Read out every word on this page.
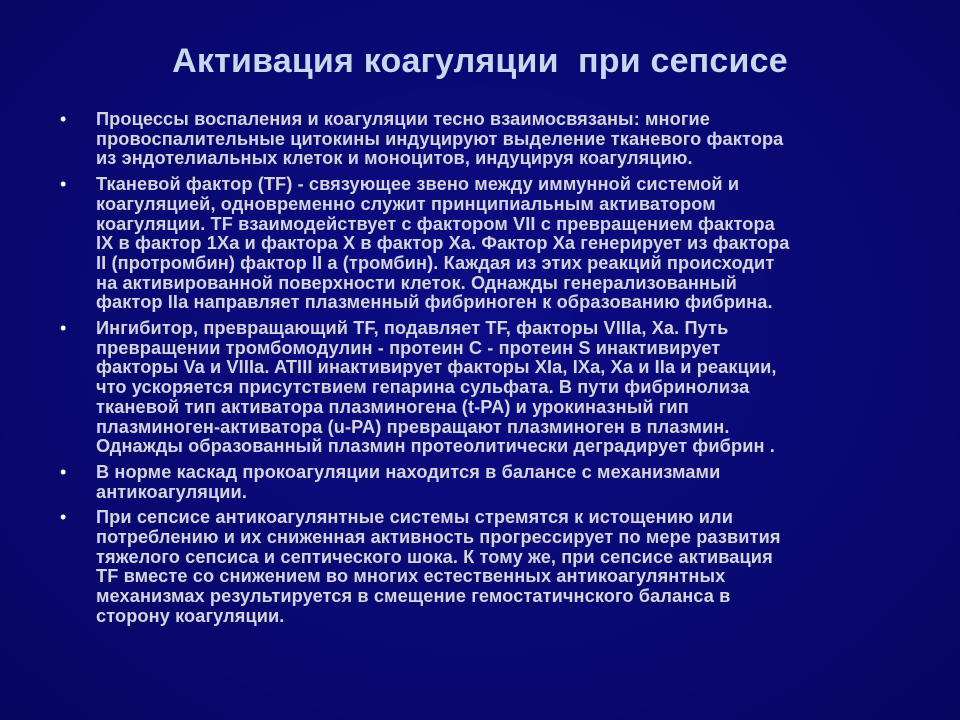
Активация коагуляции  при сепсисе
• Процессы воспаления и коагуляции тесно взаимосвязаны: многие
провоспалительные цитокины индуцируют выделение тканевого фактора
из эндотелиальных клеток и моноцитов, индуцируя коагуляцию.
• Тканевой фактор (TF) - связующее звено между иммунной системой и
коагуляцией, одновременно служит принципиальным активатором
коагуляции. TF взаимодействует с фактором VII с превращением фактора
IX в фактор 1Ха и фактора Х в фактор Ха. Фактор Ха генерирует из фактора
II (протромбин) фактор II a (тромбин). Каждая из этих реакций происходит
на активированной поверхности клеток. Однажды генерализованный
фактор IIa направляет плазменный фибриноген к образованию фибрина.
• Ингибитор, превращающий TF, подавляет TF, факторы VIIIa, Xa. Путь
превращении тромбомодулин - протеин С - протеин S инактивирует
факторы Va и VIIIa. ATIII инактивирует факторы XIa, IXa, Xa и IIa и реакции,
что ускоряется присутствием гепарина сульфата. В пути фибринолиза
тканевой тип активатора плазминогена (t-PA) и урокиназный гип
плазминоген-активатора (u-PA) превращают плазминоген в плазмин.
Однажды образованный плазмин протеолитически деградирует фибрин .
• В норме каскад прокоагуляции находится в балансе с механизмами
антикоагуляции.
• При сепсисе антикоагулянтные системы стремятся к истощению или
потреблению и их сниженная активность прогрессирует по мере развития
тяжелого сепсиса и септического шока. К тому же, при сепсисе активация
TF вместе со снижением во многих естественных антикоагулянтных
механизмах результируется в смещение гемостатичнского баланса в
сторону коагуляции.
